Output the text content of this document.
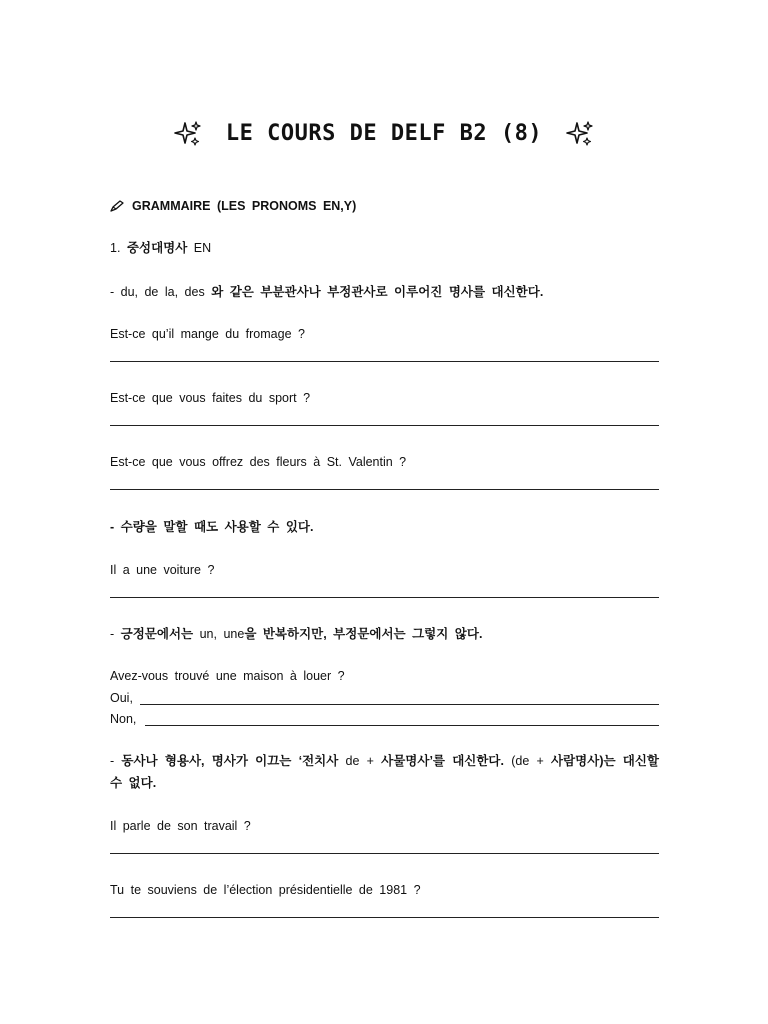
LE COURS DE DELF B2 (8)
GRAMMAIRE (LES PRONOMS EN,Y)
1. 중성대명사 EN
- du, de la, des 와 같은 부분관사나 부정관사로 이루어진 명사를 대신한다.
Est-ce qu’il mange du fromage ?
Est-ce que vous faites du sport ?
Est-ce que vous offrez des fleurs à St. Valentin ?
- 수량을 말할 때도 사용할 수 있다.
Il a une voiture ?
- 긍정문에서는 un, une을 반복하지만, 부정문에서는 그렇지 않다.
Avez-vous trouvé une maison à louer ?
Oui,
Non,
- 동사나 형용사, 명사가 이끄는 ‘전치사 de + 사물명사’를 대신한다. (de + 사람명사)는 대신할 수 없다.
Il parle de son travail ?
Tu te souviens de l’élection présidentielle de 1981 ?
